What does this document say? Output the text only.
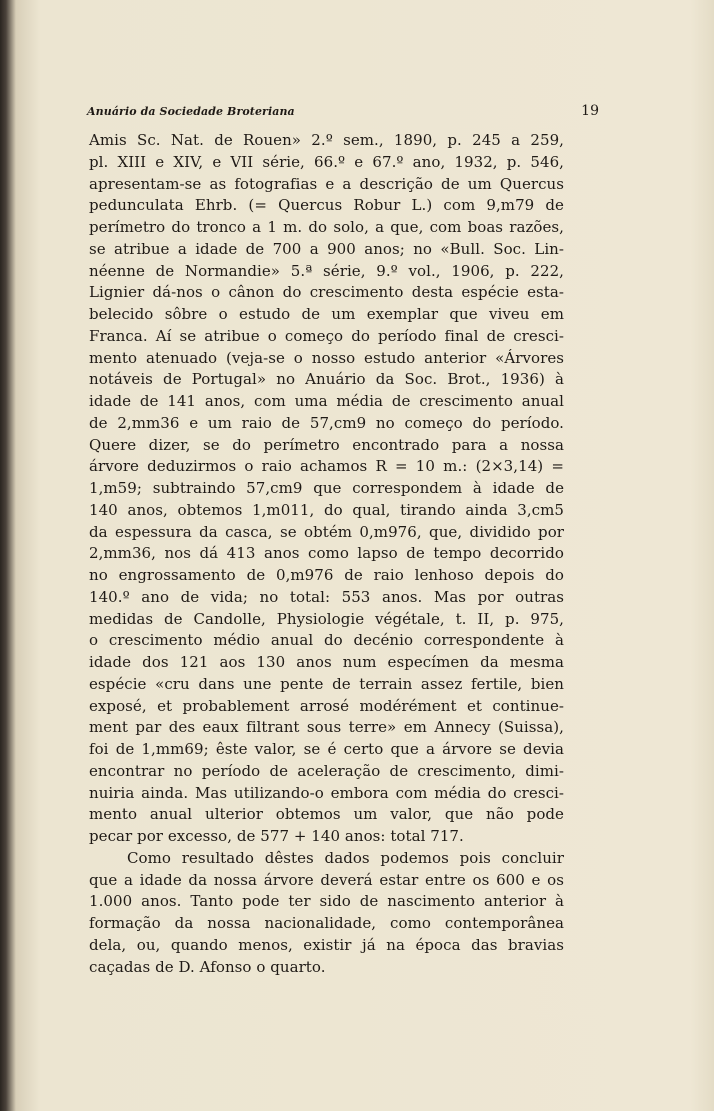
Anuário da Sociedade Broteriana	19
Amis Sc. Nat. de Rouen» 2.º sem., 1890, p. 245 a 259,
pl. XIII e XIV, e VII série, 66.º e 67.º ano, 1932, p. 546,
apresentam-se as fotografias e a descrição de um Quercus
pedunculata Ehrb. (= Quercus Robur L.) com 9,m79 de
perímetro do tronco a 1 m. do solo, a que, com boas razões,
se atribue a idade de 700 a 900 anos; no «Bull. Soc. Lin-
néenne de Normandie» 5.ª série, 9.º vol., 1906, p. 222,
Lignier dá-nos o cânon do crescimento desta espécie esta-
belecido sôbre o estudo de um exemplar que viveu em
Franca. Aí se atribue o começo do período final de cresci-
mento atenuado (veja-se o nosso estudo anterior «Árvores
notáveis de Portugal» no Anuário da Soc. Brot., 1936) à
idade de 141 anos, com uma média de crescimento anual
de 2,mm36 e um raio de 57,cm9 no começo do período.
Quere dizer, se do perímetro encontrado para a nossa
árvore deduzirmos o raio achamos R = 10 m.: (2×3,14) =
1,m59; subtraindo 57,cm9 que correspondem à idade de
140 anos, obtemos 1,m011, do qual, tirando ainda 3,cm5
da espessura da casca, se obtém 0,m976, que, dividido por
2,mm36, nos dá 413 anos como lapso de tempo decorrido
no engrossamento de 0,m976 de raio lenhoso depois do
140.º ano de vida; no total: 553 anos. Mas por outras
medidas de Candolle, Physiologie végétale, t. II, p. 975,
o crescimento médio anual do decénio correspondente à
idade dos 121 aos 130 anos num especímen da mesma
espécie «cru dans une pente de terrain assez fertile, bien
exposé, et probablement arrosé modérément et continue-
ment par des eaux filtrant sous terre» em Annecy (Suissa),
foi de 1,mm69; êste valor, se é certo que a árvore se devia
encontrar no período de aceleração de crescimento, dimi-
nuiria ainda. Mas utilizando-o embora com média do cresci-
mento anual ulterior obtemos um valor, que não pode
pecar por excesso, de 577 + 140 anos: total 717.
Como resultado dêstes dados podemos pois concluir
que a idade da nossa árvore deverá estar entre os 600 e os
1.000 anos. Tanto pode ter sido de nascimento anterior à
formação da nossa nacionalidade, como contemporânea
dela, ou, quando menos, existir já na época das bravias
caçadas de D. Afonso o quarto.
